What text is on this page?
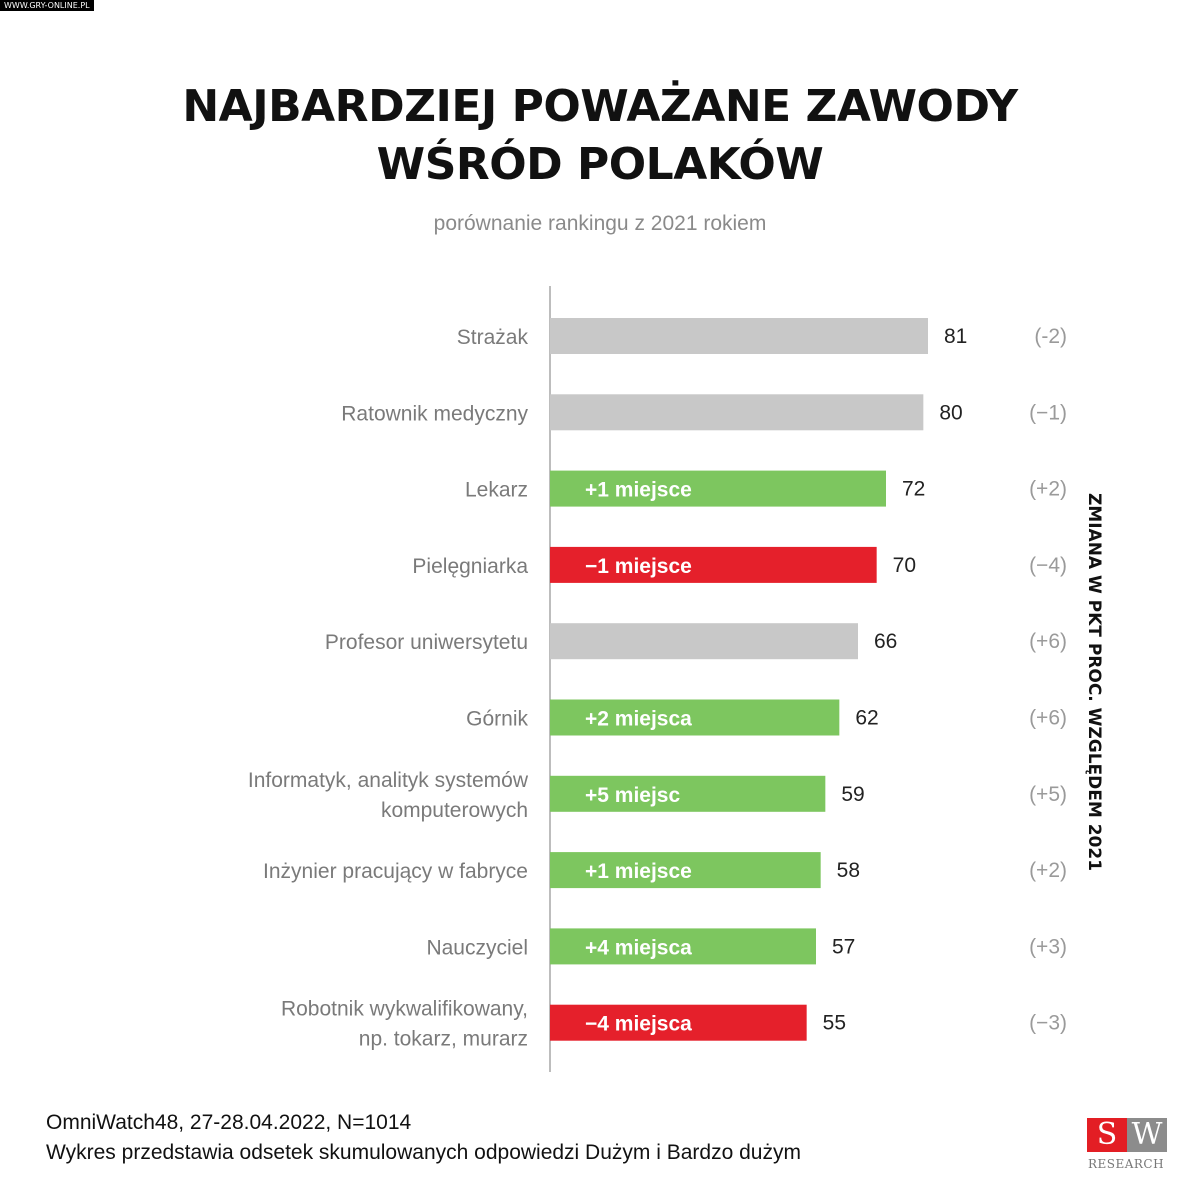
WWW.GRY-ONLINE.PL
NAJBARDZIEJ POWAŻANE ZAWODY
WŚRÓD POLAKÓW
porównanie rankingu z 2021 rokiem
Strażak	81	(-2)
Ratownik medyczny	80	(−1)
Lekarz	+1 miejsce	72	(+2)
Pielęgniarka	−1 miejsce	70	(−4)
Profesor uniwersytetu	66	(+6)
Górnik	+2 miejsca	62	(+6)
Informatyk, analityk systemów
komputerowych
+5 miejsc	59	(+5)
Inżynier pracujący w fabryce	+1 miejsce	58	(+2)
Nauczyciel	+4 miejsca	57	(+3)
Robotnik wykwalifikowany,
np. tokarz, murarz
−4 miejsca	55	(−3)
ZMIANA W PKT PROC. WZGLĘDEM 2021
OmniWatch48, 27-28.04.2022, N=1014
Wykres przedstawia odsetek skumulowanych odpowiedzi Dużym i Bardzo dużym
S W
RESEARCH
